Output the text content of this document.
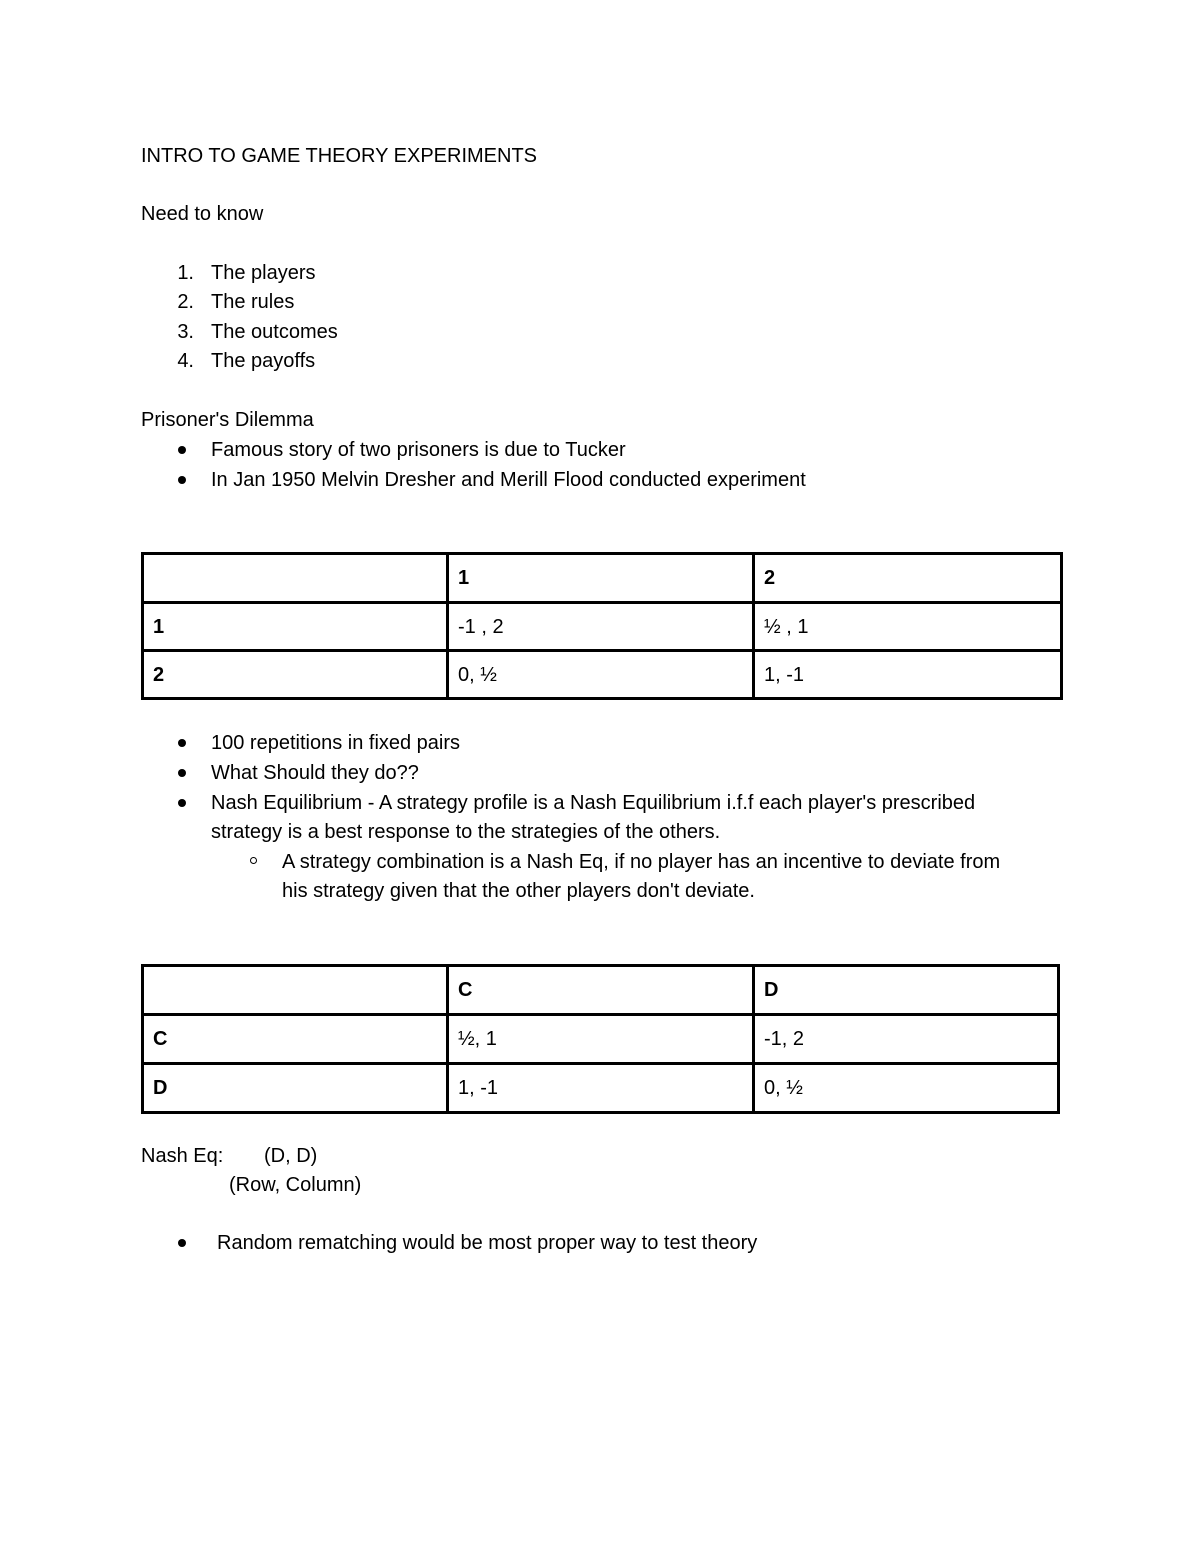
INTRO TO GAME THEORY EXPERIMENTS
Need to know
1. The players
2. The rules
3. The outcomes
4. The payoffs
Prisoner's Dilemma
Famous story of two prisoners is due to Tucker
In Jan 1950 Melvin Dresher and Merill Flood conducted experiment
	1	2
1	-1 , 2	½ , 1
2	0, ½	1, -1
100 repetitions in fixed pairs
What Should they do??
Nash Equilibrium - A strategy profile is a Nash Equilibrium i.f.f each player's prescribed
strategy is a best response to the strategies of the others.
A strategy combination is a Nash Eq, if no player has an incentive to deviate from
his strategy given that the other players don't deviate.
	C	D
C	½, 1	-1, 2
D	1, -1	0, ½
Nash Eq: (D, D)
(Row, Column)
Random rematching would be most proper way to test theory
